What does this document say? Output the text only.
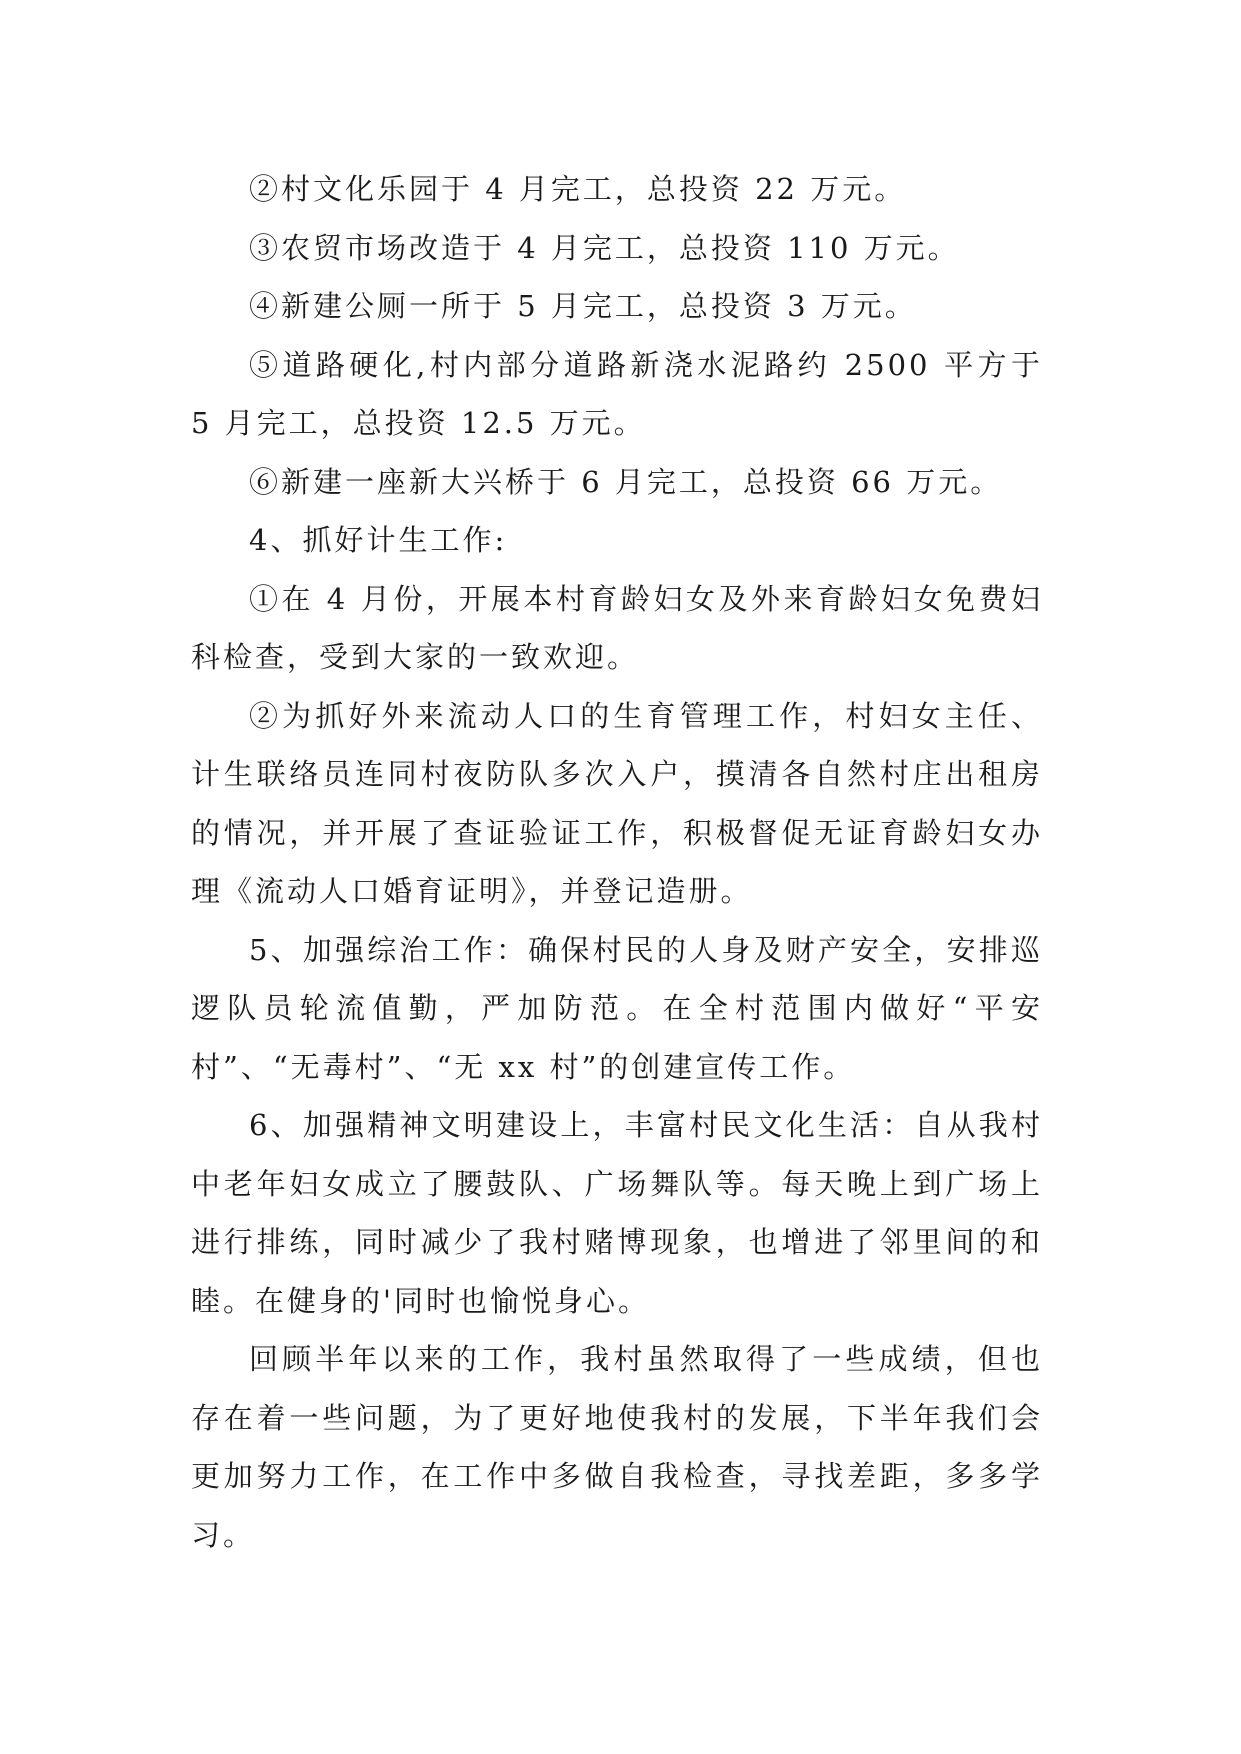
②村文化乐园于 4 月完工，总投资 22 万元。

③农贸市场改造于 4 月完工，总投资 110 万元。

④新建公厕一所于 5 月完工，总投资 3 万元。

⑤道路硬化,村内部分道路新浇水泥路约 2500 平方于 5 月完工，总投资 12.5 万元。

⑥新建一座新大兴桥于 6 月完工，总投资 66 万元。

4、抓好计生工作:

①在 4 月份，开展本村育龄妇女及外来育龄妇女免费妇科检查，受到大家的一致欢迎。

②为抓好外来流动人口的生育管理工作，村妇女主任、计生联络员连同村夜防队多次入户，摸清各自然村庄出租房的情况，并开展了查证验证工作，积极督促无证育龄妇女办理《流动人口婚育证明》，并登记造册。

5、加强综治工作：确保村民的人身及财产安全，安排巡逻队员轮流值勤，严加防范。在全村范围内做好“平安村”、“无毒村”、“无 xx 村”的创建宣传工作。

6、加强精神文明建设上，丰富村民文化生活：自从我村中老年妇女成立了腰鼓队、广场舞队等。每天晚上到广场上进行排练，同时减少了我村赌博现象，也增进了邻里间的和睦。在健身的'同时也愉悦身心。

回顾半年以来的工作，我村虽然取得了一些成绩，但也存在着一些问题，为了更好地使我村的发展，下半年我们会更加努力工作，在工作中多做自我检查，寻找差距，多多学习。
